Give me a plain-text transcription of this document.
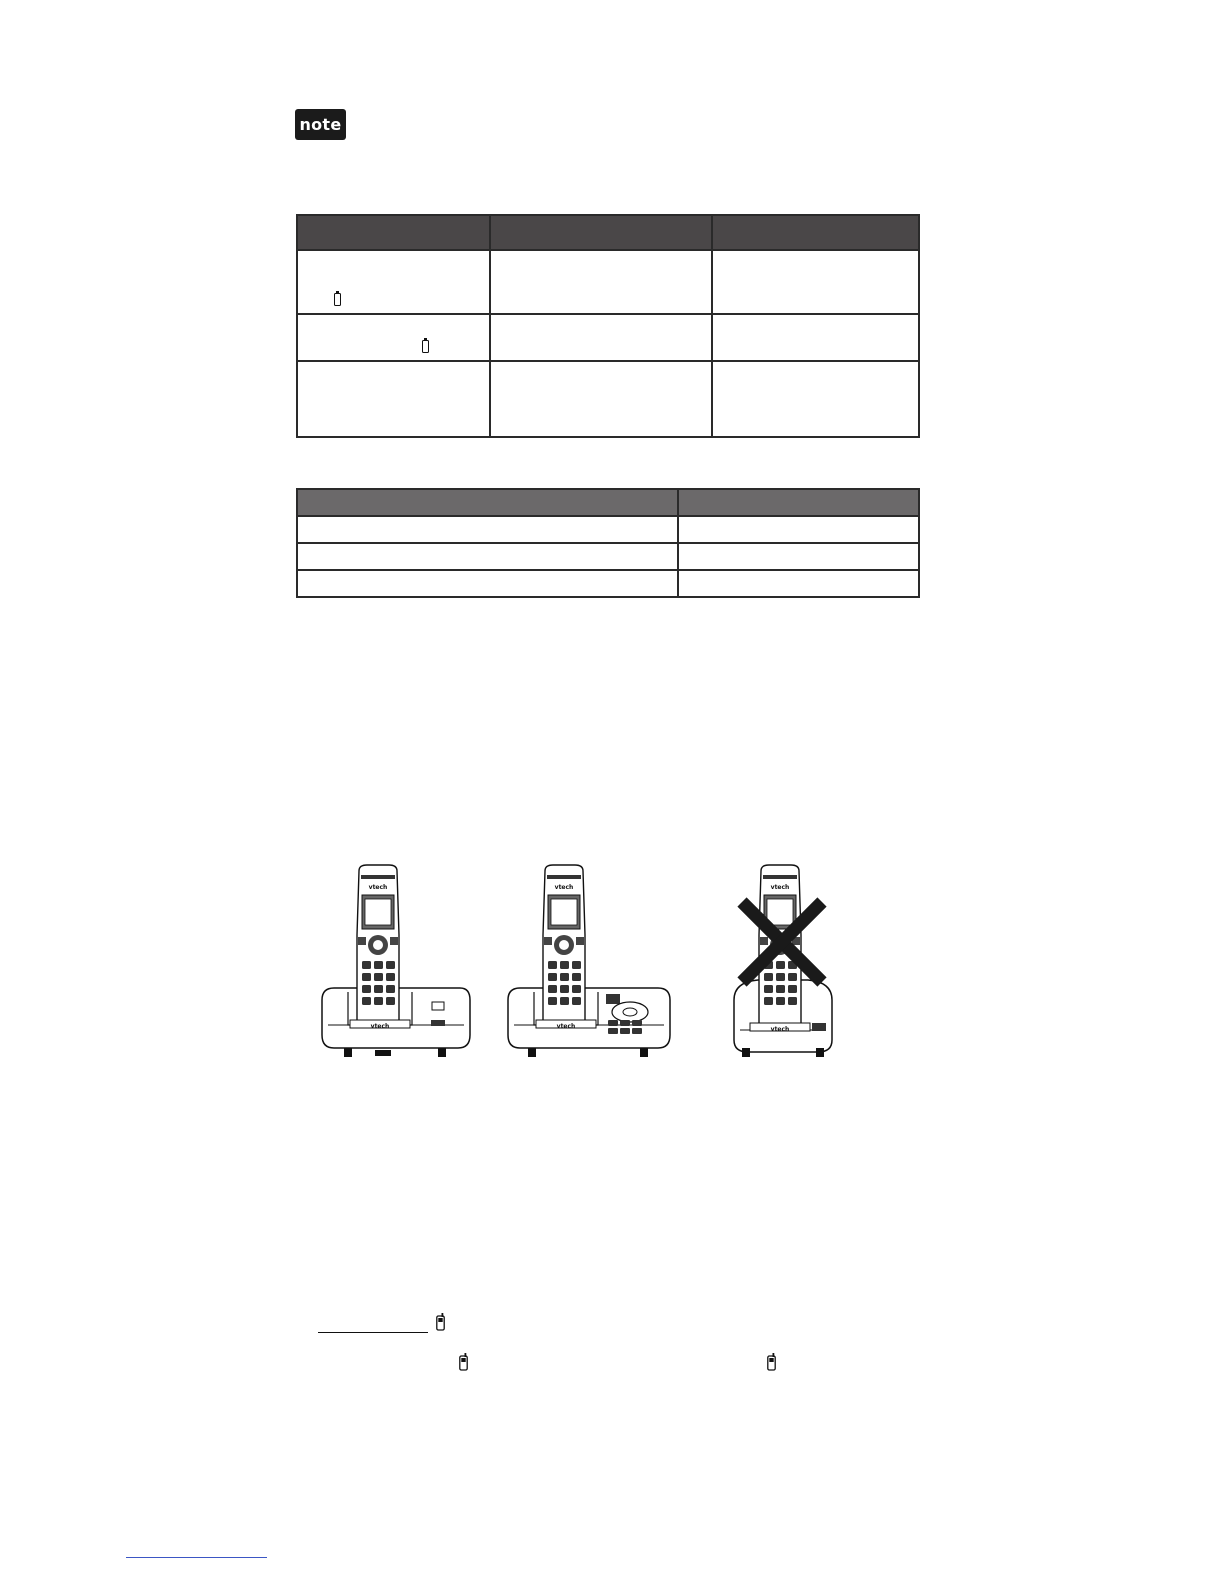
note

vtech
vtech	vtech	vtech
